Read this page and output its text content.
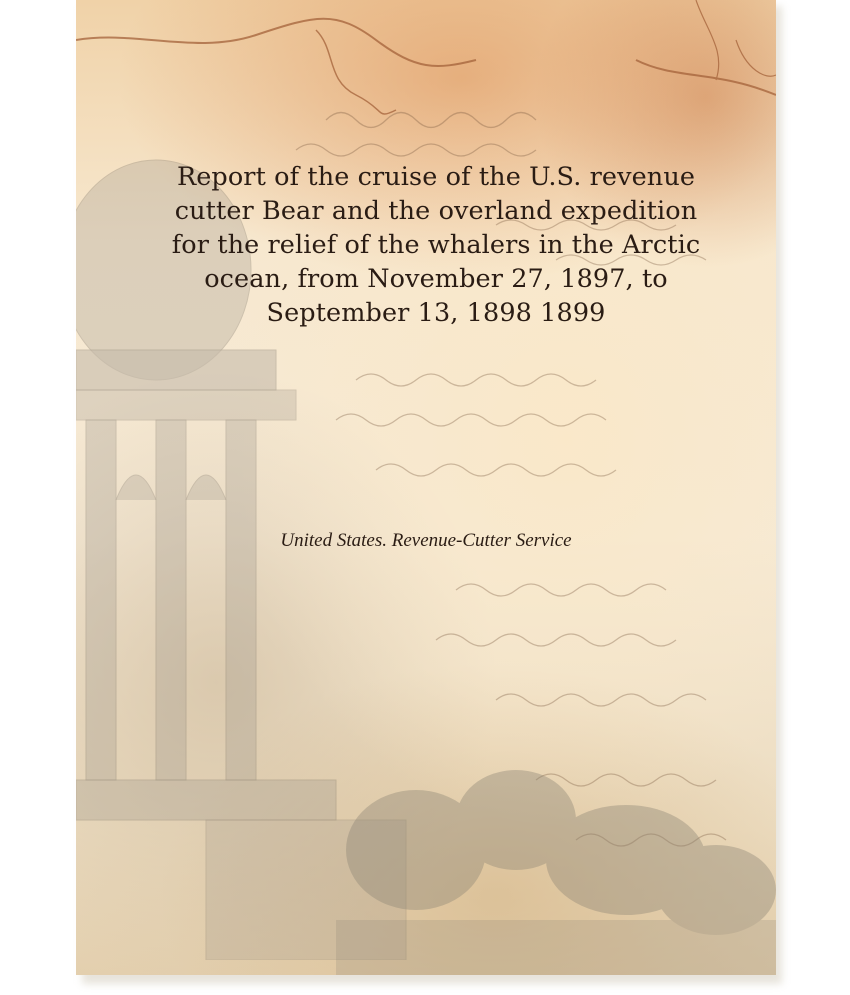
Report of the cruise of the U.S. revenue
cutter Bear and the overland expedition
for the relief of the whalers in the Arctic
ocean, from November 27, 1897, to
September 13, 1898 1899
United States. Revenue-Cutter Service
